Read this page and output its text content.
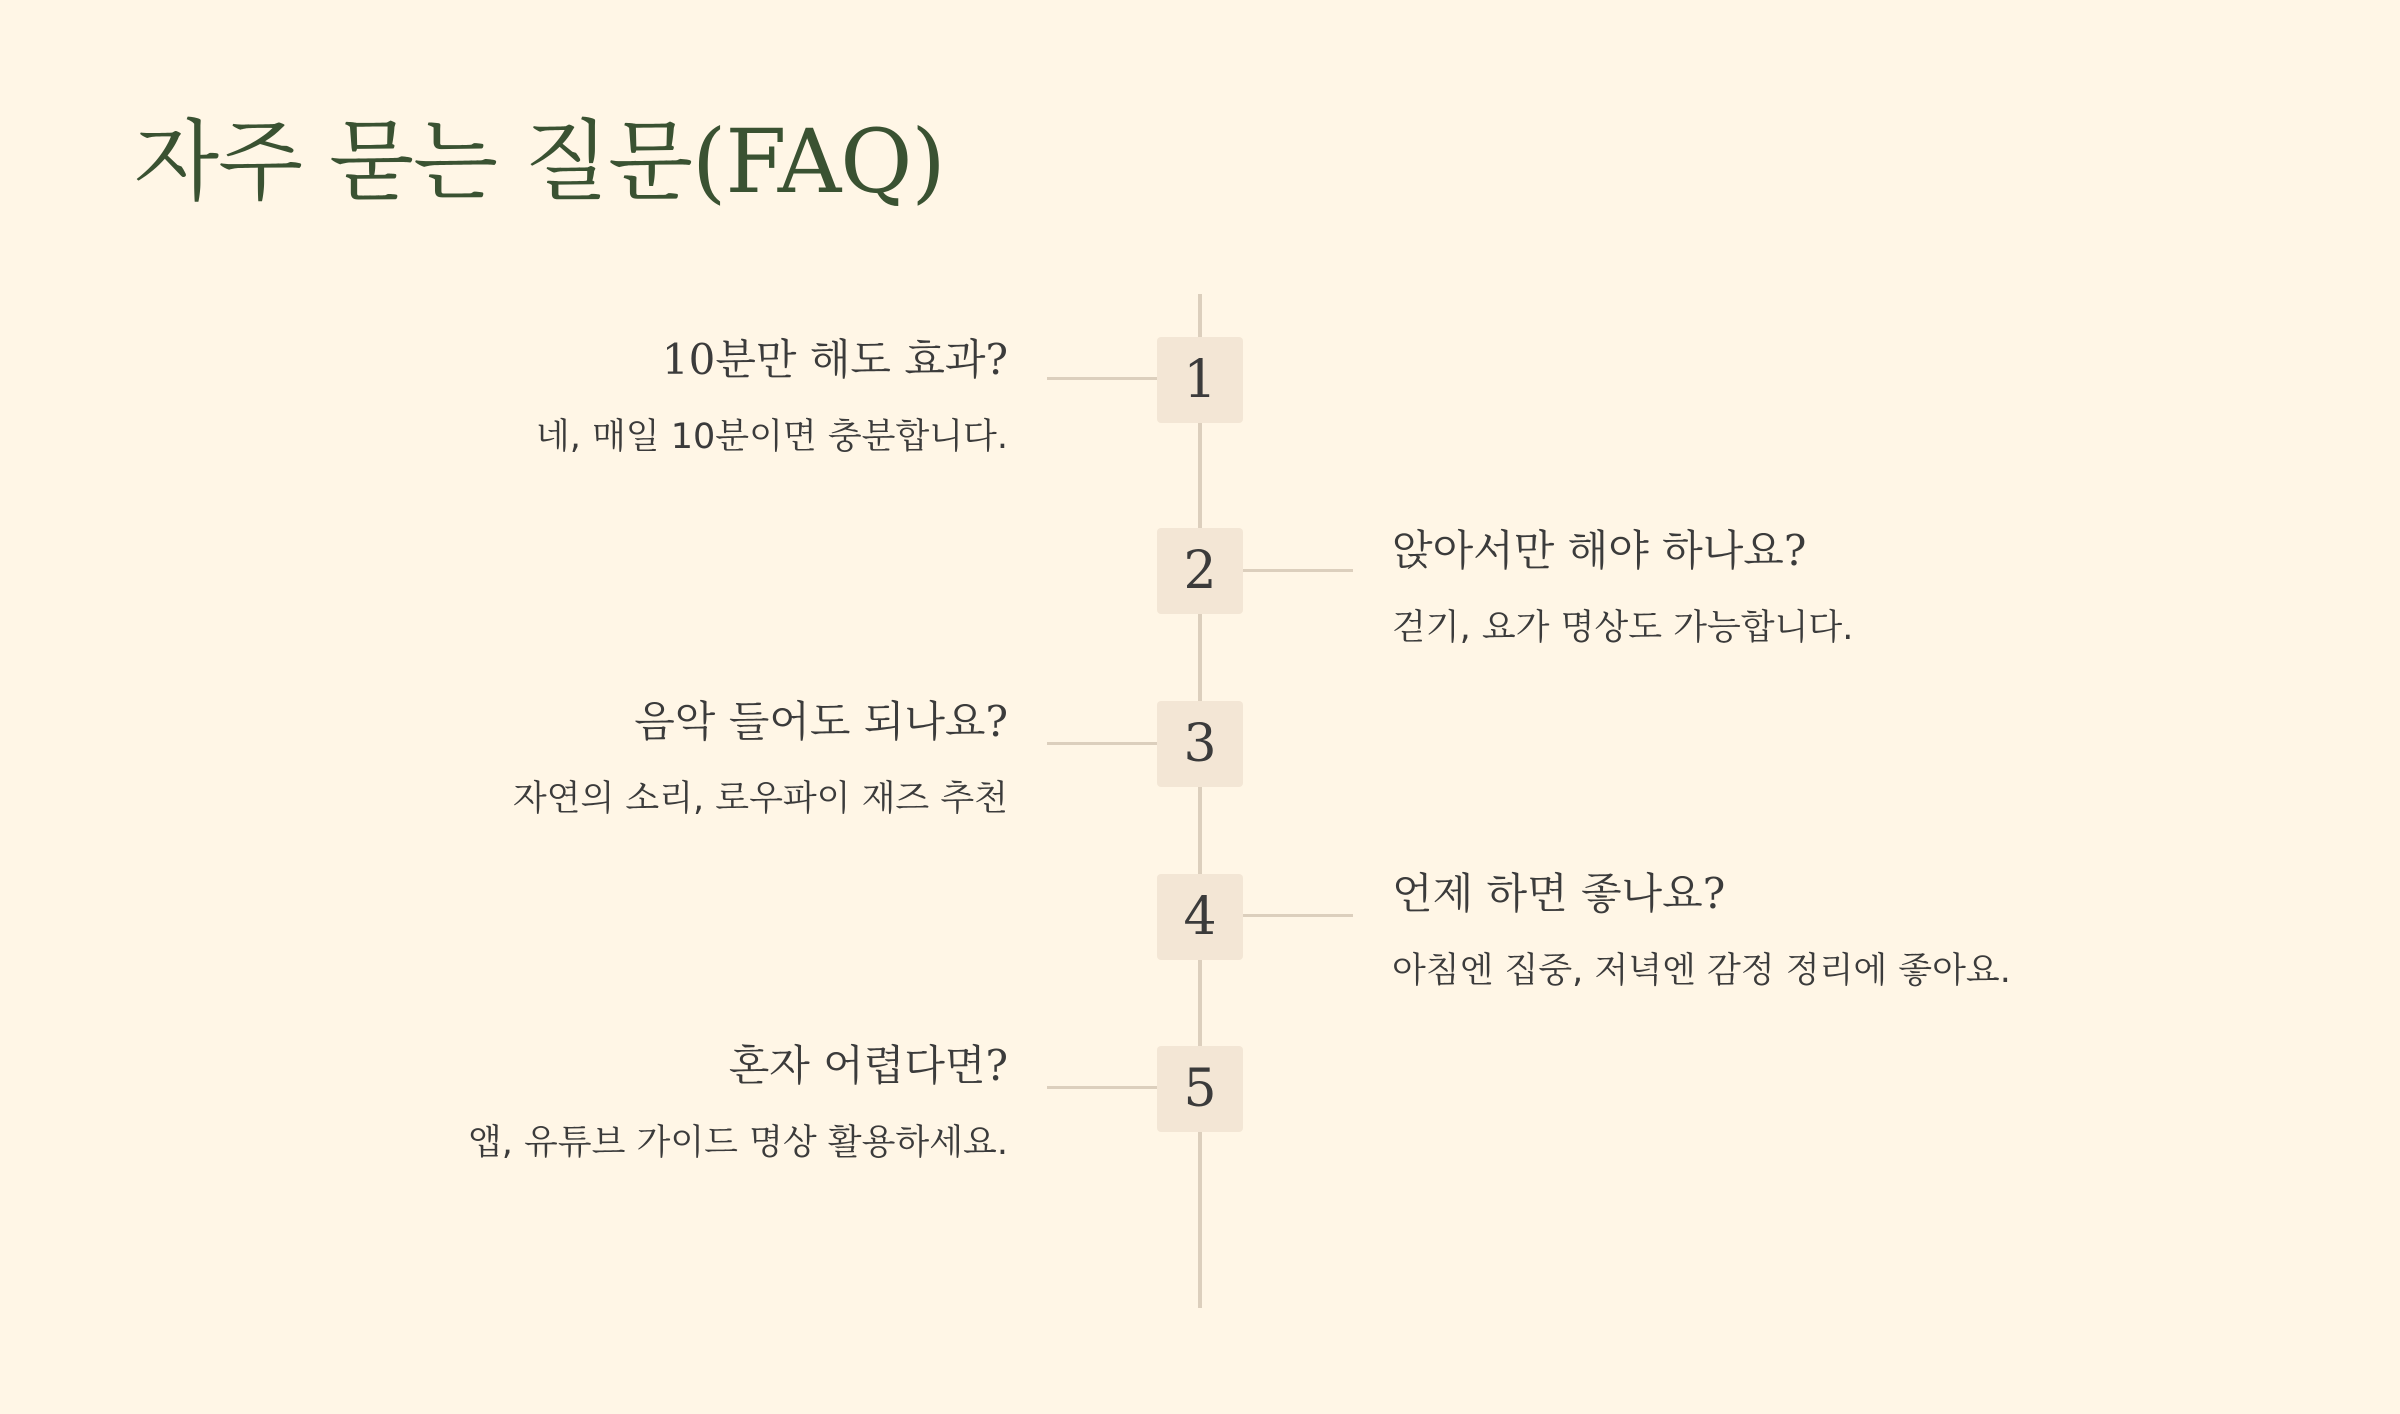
자주 묻는 질문(FAQ)
1
10분만 해도 효과?
네, 매일 10분이면 충분합니다.
2	앉아서만 해야 하나요?
걷기, 요가 명상도 가능합니다.
3
음악 들어도 되나요?
자연의 소리, 로우파이 재즈 추천
4	언제 하면 좋나요?
아침엔 집중, 저녁엔 감정 정리에 좋아요.
5
혼자 어렵다면?
앱, 유튜브 가이드 명상 활용하세요.
